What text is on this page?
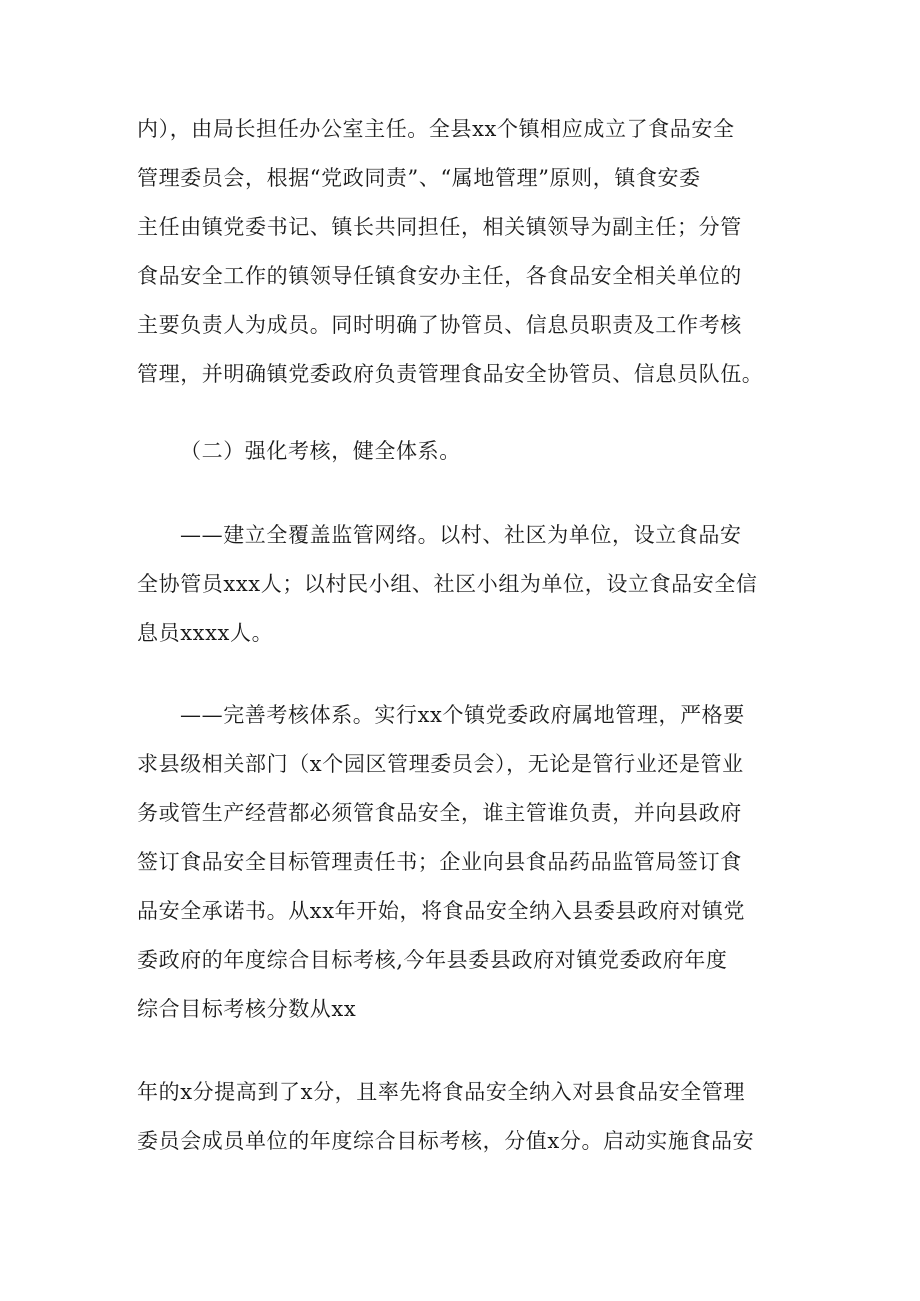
内），由局长担任办公室主任。全县xx个镇相应成立了食品安全
管理委员会，根据“党政同责”、“属地管理”原则，镇食安委
主任由镇党委书记、镇长共同担任，相关镇领导为副主任；分管
食品安全工作的镇领导任镇食安办主任，各食品安全相关单位的
主要负责人为成员。同时明确了协管员、信息员职责及工作考核
管理，并明确镇党委政府负责管理食品安全协管员、信息员队伍。
（二）强化考核，健全体系。
——建立全覆盖监管网络。以村、社区为单位，设立食品安
全协管员xxx人；以村民小组、社区小组为单位，设立食品安全信
息员xxxx人。
——完善考核体系。实行xx个镇党委政府属地管理，严格要
求县级相关部门（x个园区管理委员会），无论是管行业还是管业
务或管生产经营都必须管食品安全，谁主管谁负责，并向县政府
签订食品安全目标管理责任书；企业向县食品药品监管局签订食
品安全承诺书。从xx年开始，将食品安全纳入县委县政府对镇党
委政府的年度综合目标考核,今年县委县政府对镇党委政府年度
综合目标考核分数从xx
年的x分提高到了x分，且率先将食品安全纳入对县食品安全管理
委员会成员单位的年度综合目标考核，分值x分。启动实施食品安
